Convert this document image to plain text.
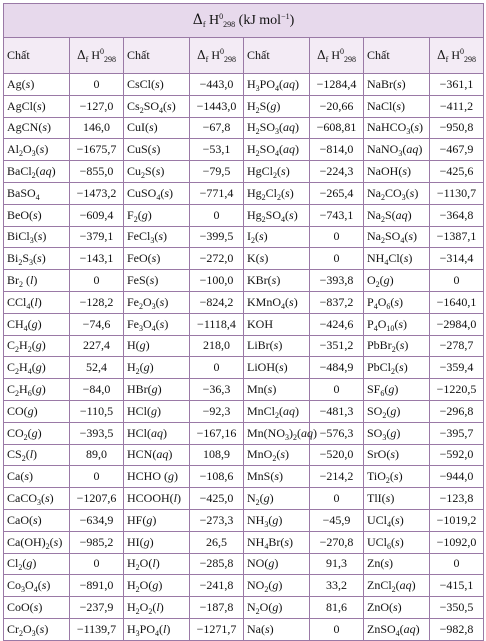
$\Delta_f$ $H^0_{298}$ (kJ mol$^{-1}$)							
Chất	$\Delta_f$ $H^0_{298}$	Chất	$\Delta_f$ $H^0_{298}$	Chất	$\Delta_f$ $H^0_{298}$	Chất	$\Delta_f$ $H^0_{298}$
Ag(s)	0	CsCl(s)	−443,0	$H_3PO_4(aq)$	−1284,4	NaBr(s)	−361,1
AgCl(s)	−127,0	$Cs_2SO_4(s)$	−1443,0	$H_2S(g)$	−20,66	NaCl(s)	−411,2
AgCN(s)	146,0	CuI(s)	−67,8	$H_2SO_3(aq)$	−608,81	NaHCO$_3$(s)	−950,8
$Al_2O_3(s)$	−1675,7	CuS(s)	−53,1	$H_2SO_4(aq)$	−814,0	NaNO$_3$(aq)	−467,9
BaCl$_2$(aq)	−855,0	$Cu_2S(s)$	−79,5	HgCl$_2$(s)	−224,3	NaOH(s)	−425,6
BaSO$_4$	−1473,2	CuSO$_4$(s)	−771,4	$Hg_2Cl_2(s)$	−265,4	$Na_2CO_3(s)$	−1130,7
BeO(s)	−609,4	$F_2(g)$	0	$Hg_2SO_4(s)$	−743,1	$Na_2S(aq)$	−364,8
BiCl$_3$(s)	−379,1	FeCl$_3$(s)	−399,5	$I_2(s)$	0	$Na_2SO_4(s)$	−1387,1
$Bi_2S_3(s)$	−143,1	FeO(s)	−272,0	K(s)	0	$NH_4Cl(s)$	−314,4
$Br_2$ (l)	0	FeS(s)	−100,0	KBr(s)	−393,8	$O_2(g)$	0
CCl$_4$(l)	−128,2	$Fe_2O_3(s)$	−824,2	KMnO$_4$(s)	−837,2	$P_4O_6(s)$	−1640,1
$CH_4(g)$	−74,6	$Fe_3O_4(s)$	−1118,4	KOH	−424,6	$P_4O_{10}(s)$	−2984,0
$C_2H_2(g)$	227,4	H(g)	218,0	LiBr(s)	−351,2	PbBr$_2$(s)	−278,7
$C_2H_4(g)$	52,4	$H_2(g)$	0	LiOH(s)	−484,9	PbCl$_2$(s)	−359,4
$C_2H_6(g)$	−84,0	HBr(g)	−36,3	Mn(s)	0	$SF_6(g)$	−1220,5
CO(g)	−110,5	HCl(g)	−92,3	MnCl$_2$(aq)	−481,3	$SO_2(g)$	−296,8
$CO_2(g)$	−393,5	HCl(aq)	−167,16	$Mn(NO_3)_2(aq)$	−576,3	$SO_3(g)$	−395,7
$CS_2(l)$	89,0	HCN(aq)	108,9	MnO$_2$(s)	−520,0	SrO(s)	−592,0
Ca(s)	0	HCHO (g)	−108,6	MnS(s)	−214,2	TiO$_2$(s)	−944,0
CaCO$_3$(s)	−1207,6	HCOOH(l)	−425,0	$N_2(g)$	0	TlI(s)	−123,8
CaO(s)	−634,9	HF(g)	−273,3	$NH_3(g)$	−45,9	UCl$_4$(s)	−1019,2
$Ca(OH)_2(s)$	−985,2	HI(g)	26,5	$NH_4Br(s)$	−270,8	UCl$_6$(s)	−1092,0
$Cl_2(g)$	0	$H_2O(l)$	−285,8	NO(g)	91,3	Zn(s)	0
$Co_3O_4(s)$	−891,0	$H_2O(g)$	−241,8	$NO_2(g)$	33,2	ZnCl$_2$(aq)	−415,1
CoO(s)	−237,9	$H_2O_2(l)$	−187,8	$N_2O(g)$	81,6	ZnO(s)	−350,5
$Cr_2O_3(s)$	−1139,7	$H_3PO_4(l)$	−1271,7	Na(s)	0	ZnSO$_4$(aq)	−982,8
